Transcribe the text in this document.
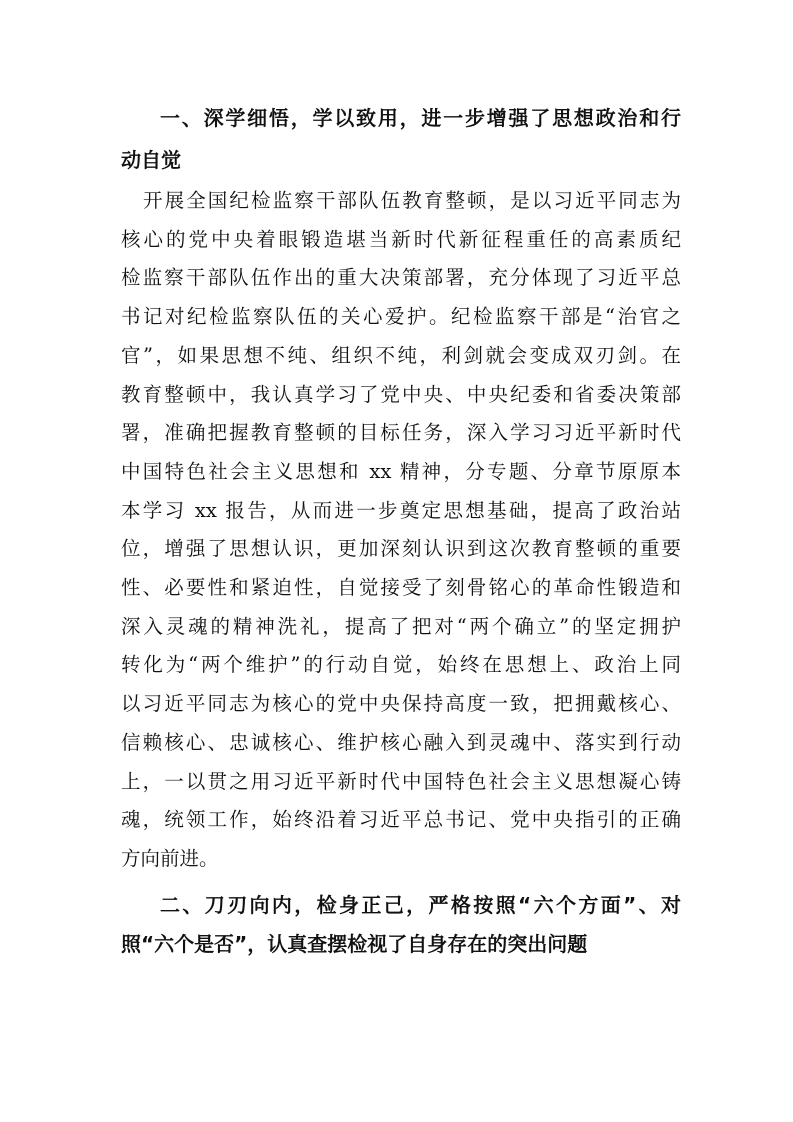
一、深学细悟，学以致用，进一步增强了思想政治和行
动自觉
开展全国纪检监察干部队伍教育整顿，是以习近平同志为
核心的党中央着眼锻造堪当新时代新征程重任的高素质纪
检监察干部队伍作出的重大决策部署，充分体现了习近平总
书记对纪检监察队伍的关心爱护。纪检监察干部是“治官之
官”，如果思想不纯、组织不纯，利剑就会变成双刃剑。在
教育整顿中，我认真学习了党中央、中央纪委和省委决策部
署，准确把握教育整顿的目标任务，深入学习习近平新时代
中国特色社会主义思想和 xx 精神，分专题、分章节原原本
本学习 xx 报告，从而进一步奠定思想基础，提高了政治站
位，增强了思想认识，更加深刻认识到这次教育整顿的重要
性、必要性和紧迫性，自觉接受了刻骨铭心的革命性锻造和
深入灵魂的精神洗礼，提高了把对“两个确立”的坚定拥护
转化为“两个维护”的行动自觉，始终在思想上、政治上同
以习近平同志为核心的党中央保持高度一致，把拥戴核心、
信赖核心、忠诚核心、维护核心融入到灵魂中、落实到行动
上，一以贯之用习近平新时代中国特色社会主义思想凝心铸
魂，统领工作，始终沿着习近平总书记、党中央指引的正确
方向前进。
二、刀刃向内，检身正己，严格按照“六个方面”、对
照“六个是否”，认真查摆检视了自身存在的突出问题
